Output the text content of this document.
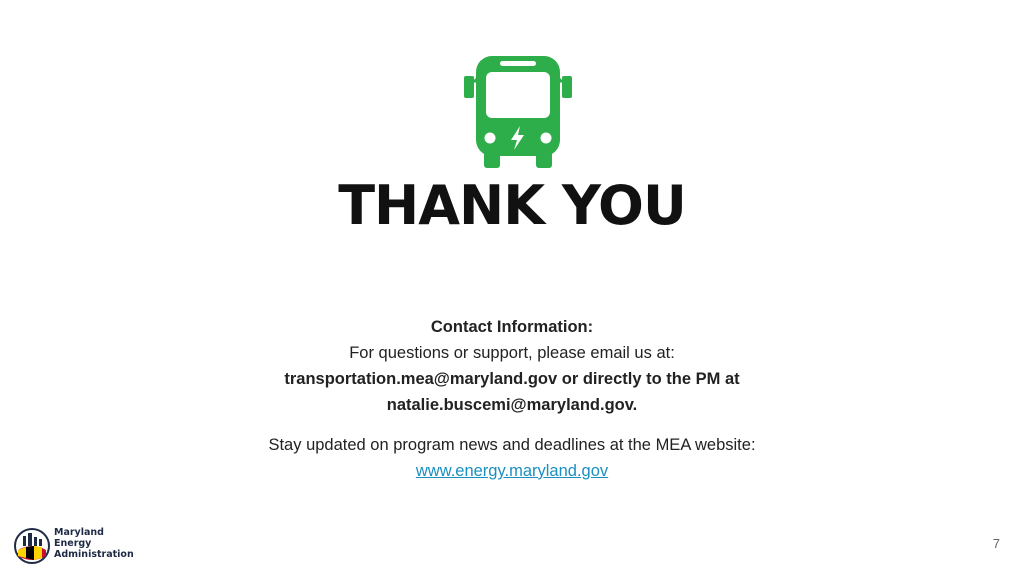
THANK YOU
Contact Information:
For questions or support, please email us at:
transportation.mea@maryland.gov or directly to the PM at
natalie.buscemi@maryland.gov.
Stay updated on program news and deadlines at the MEA website:
www.energy.maryland.gov
Maryland
Energy
Administration
7
